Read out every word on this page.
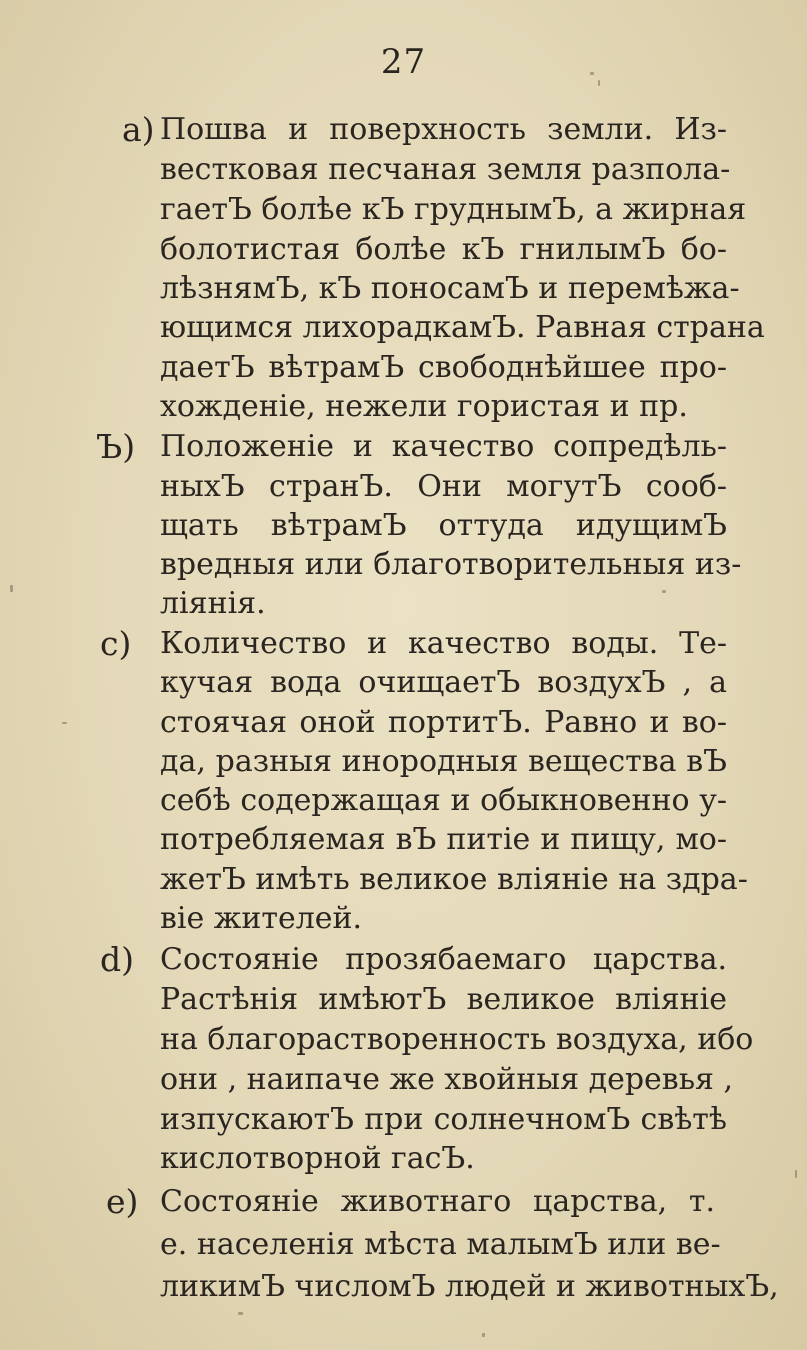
27
a) Пошва и поверхность земли. Из-
вестковая песчаная земля разпола-
гаетЪ болѣе кЪ груднымЪ, а жирная
болотистая болѣе кЪ гнилымЪ бо-
лѣзнямЪ, кЪ поносамЪ и перемѣжа-
ющимся лихорадкамЪ. Равная страна
даетЪ вѣтрамЪ свободнѣйшее про-
хожденіе, нежели гористая и пр.
Ъ) Положеніе и качество сопредѣль-
ныхЪ странЪ. Они могутЪ сооб-
щать вѣтрамЪ оттуда идущимЪ
вредныя или благотворительныя из-
ліянія.
c) Количество и качество воды. Те-
кучая вода очищаетЪ воздухЪ , а
стоячая оной портитЪ. Равно и во-
да, разныя инородныя вещества вЪ
себѣ содержащая и обыкновенно у-
потребляемая вЪ питіе и пищу, мо-
жетЪ имѣть великое вліяніе на здра-
віе жителей.
d) Состояніе прозябаемаго царства.
Растѣнія имѣютЪ великое вліяніе
на благорастворенность воздуха, ибо
они , наипаче же хвойныя деревья ,
изпускаютЪ при солнечномЪ свѣтѣ
кислотворной гасЪ.
e) Состояніе животнаго царства, т.
е. населенія мѣста малымЪ или ве-
ликимЪ числомЪ людей и животныхЪ,
